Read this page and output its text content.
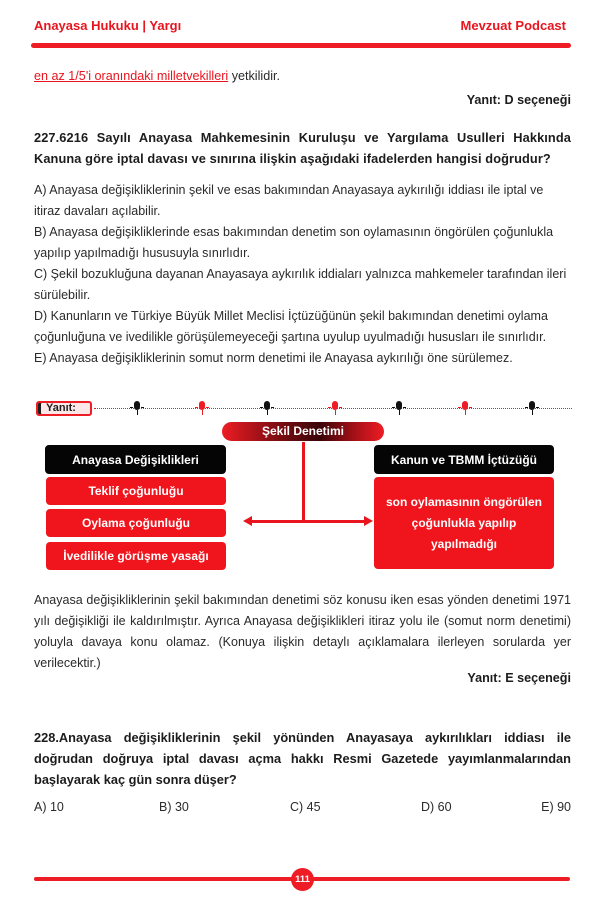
Anayasa Hukuku | Yargı	Mevzuat Podcast
en az 1/5'i oranındaki milletvekilleri yetkilidir.
Yanıt: D seçeneği
227.6216 Sayılı Anayasa Mahkemesinin Kuruluşu ve Yargılama Usulleri Hakkında Kanuna göre iptal davası ve sınırına ilişkin aşağıdaki ifadelerden hangisi doğrudur?

A) Anayasa değişikliklerinin şekil ve esas bakımından Anayasaya aykırılığı iddiası ile iptal ve itiraz davaları açılabilir.

B) Anayasa değişikliklerinde esas bakımından denetim son oylamasının öngörülen çoğunlukla yapılıp yapılmadığı hususuyla sınırlıdır.

C) Şekil bozukluğuna dayanan Anayasaya aykırılık iddiaları yalnızca mahkemeler tarafından ileri sürülebilir.

D) Kanunların ve Türkiye Büyük Millet Meclisi İçtüzüğünün şekil bakımından denetimi oylama çoğunluğuna ve ivedilikle görüşülemeyeceği şartına uyulup uyulmadığı hususları ile sınırlıdır.

E) Anayasa değişikliklerinin somut norm denetimi ile Anayasa aykırılığı öne sürülemez.

Yanıt:
Şekil Denetimi
Anayasa Değişiklikleri
Teklif çoğunluğu
Oylama çoğunluğu
İvedilikle görüşme yasağı
Kanun ve TBMM İçtüzüğü
son oylamasının öngörülen çoğunlukla yapılıp yapılmadığı
Anayasa değişikliklerinin şekil bakımından denetimi söz konusu iken esas yönden denetimi 1971 yılı değişikliği ile kaldırılmıştır. Ayrıca Anayasa değişiklikleri itiraz yolu ile (somut norm denetimi) yoluyla davaya konu olamaz. (Konuya ilişkin detaylı açıklamalara ilerleyen sorularda yer verilecektir.)
Yanıt: E seçeneği
228.Anayasa değişikliklerinin şekil yönünden Anayasaya aykırılıkları iddiası ile doğrudan doğruya iptal davası açma hakkı Resmi Gazetede yayımlanmalarından başlayarak kaç gün sonra düşer?
A) 10	B) 30	C) 45	D) 60	E) 90
111
